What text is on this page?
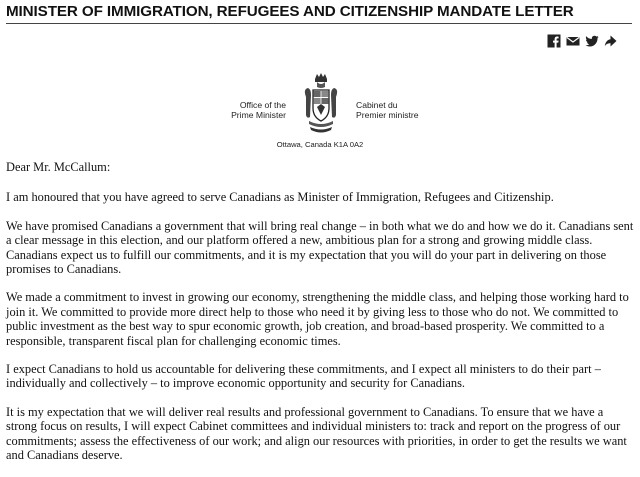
MINISTER OF IMMIGRATION, REFUGEES AND CITIZENSHIP MANDATE LETTER
Office of the
Prime Minister
Cabinet du
Premier ministre
Ottawa, Canada K1A 0A2

Dear Mr. McCallum:

I am honoured that you have agreed to serve Canadians as Minister of Immigration, Refugees and Citizenship.

We have promised Canadians a government that will bring real change – in both what we do and how we do it. Canadians sent a clear message in this election, and our platform offered a new, ambitious plan for a strong and growing middle class. Canadians expect us to fulfill our commitments, and it is my expectation that you will do your part in delivering on those promises to Canadians.

We made a commitment to invest in growing our economy, strengthening the middle class, and helping those working hard to join it. We committed to provide more direct help to those who need it by giving less to those who do not. We committed to public investment as the best way to spur economic growth, job creation, and broad-based prosperity. We committed to a responsible, transparent fiscal plan for challenging economic times.

I expect Canadians to hold us accountable for delivering these commitments, and I expect all ministers to do their part – individually and collectively – to improve economic opportunity and security for Canadians.

It is my expectation that we will deliver real results and professional government to Canadians. To ensure that we have a strong focus on results, I will expect Cabinet committees and individual ministers to: track and report on the progress of our commitments; assess the effectiveness of our work; and align our resources with priorities, in order to get the results we want and Canadians deserve.
